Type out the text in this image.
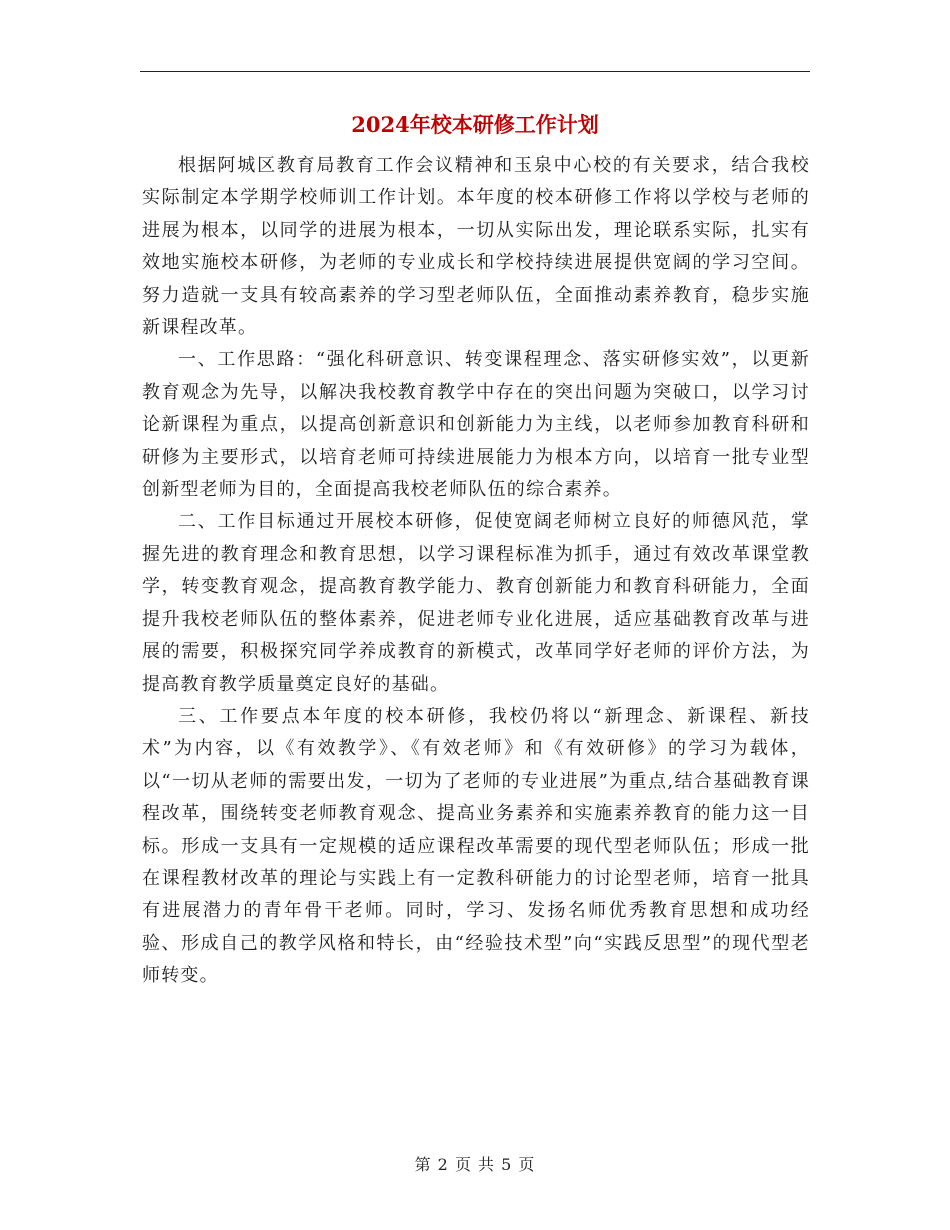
2024年校本研修工作计划

根据阿城区教育局教育工作会议精神和玉泉中心校的有关要求，结合我校实际制定本学期学校师训工作计划。本年度的校本研修工作将以学校与老师的进展为根本，以同学的进展为根本，一切从实际出发，理论联系实际，扎实有效地实施校本研修，为老师的专业成长和学校持续进展提供宽阔的学习空间。努力造就一支具有较高素养的学习型老师队伍，全面推动素养教育，稳步实施新课程改革。

一、工作思路：“强化科研意识、转变课程理念、落实研修实效”，以更新教育观念为先导，以解决我校教育教学中存在的突出问题为突破口，以学习讨论新课程为重点，以提高创新意识和创新能力为主线，以老师参加教育科研和研修为主要形式，以培育老师可持续进展能力为根本方向，以培育一批专业型创新型老师为目的，全面提高我校老师队伍的综合素养。

二、工作目标通过开展校本研修，促使宽阔老师树立良好的师德风范，掌握先进的教育理念和教育思想，以学习课程标准为抓手，通过有效改革课堂教学，转变教育观念，提高教育教学能力、教育创新能力和教育科研能力，全面提升我校老师队伍的整体素养，促进老师专业化进展，适应基础教育改革与进展的需要，积极探究同学养成教育的新模式，改革同学好老师的评价方法，为提高教育教学质量奠定良好的基础。

三、工作要点本年度的校本研修，我校仍将以“新理念、新课程、新技术”为内容，以《有效教学》、《有效老师》和《有效研修》的学习为载体，以“一切从老师的需要出发，一切为了老师的专业进展”为重点,结合基础教育课程改革，围绕转变老师教育观念、提高业务素养和实施素养教育的能力这一目标。形成一支具有一定规模的适应课程改革需要的现代型老师队伍；形成一批在课程教材改革的理论与实践上有一定教科研能力的讨论型老师，培育一批具有进展潜力的青年骨干老师。同时，学习、发扬名师优秀教育思想和成功经验、形成自己的教学风格和特长，由“经验技术型”向“实践反思型”的现代型老师转变。

第 2 页 共 5 页
